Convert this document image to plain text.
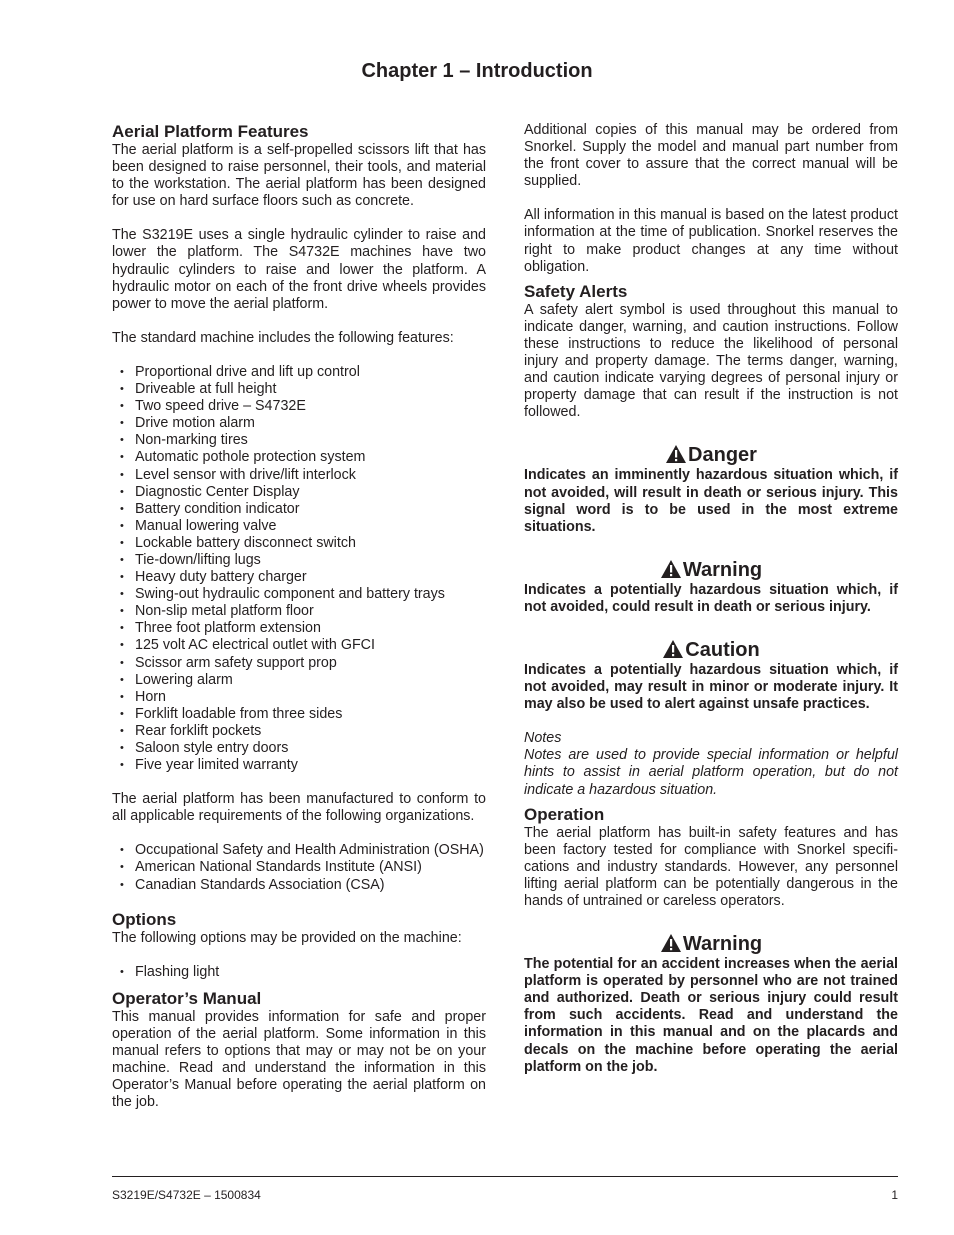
Chapter 1 – Introduction
Aerial Platform Features

The aerial platform is a self-propelled scissors lift that has been designed to raise personnel, their tools, and material to the workstation. The aerial platform has been designed for use on hard surface floors such as concrete.

The S3219E uses a single hydraulic cylinder to raise and lower the platform. The S4732E machines have two hydraulic cylinders to raise and lower the platform. A hydraulic motor on each of the front drive wheels provides power to move the aerial platform.

The standard machine includes the following features:

• Proportional drive and lift up control
• Driveable at full height
• Two speed drive – S4732E
• Drive motion alarm
• Non-marking tires
• Automatic pothole protection system
• Level sensor with drive/lift interlock
• Diagnostic Center Display
• Battery condition indicator
• Manual lowering valve
• Lockable battery disconnect switch
• Tie-down/lifting lugs
• Heavy duty battery charger
• Swing-out hydraulic component and battery trays
• Non-slip metal platform floor
• Three foot platform extension
• 125 volt AC electrical outlet with GFCI
• Scissor arm safety support prop
• Lowering alarm
• Horn
• Forklift loadable from three sides
• Rear forklift pockets
• Saloon style entry doors
• Five year limited warranty

The aerial platform has been manufactured to conform to all applicable requirements of the following organizations.

• Occupational Safety and Health Administration (OSHA)
• American National Standards Institute (ANSI)
• Canadian Standards Association (CSA)
Options

The following options may be provided on the machine:

• Flashing light
Operator’s Manual

This manual provides information for safe and proper operation of the aerial platform. Some information in this manual refers to options that may or may not be on your machine. Read and understand the information in this Operator’s Manual before operating the aerial platform on the job.

Additional copies of this manual may be ordered from Snorkel. Supply the model and manual part number from the front cover to assure that the correct manual will be supplied.

All information in this manual is based on the latest product information at the time of publication. Snorkel reserves the right to make product changes at any time without obligation.

Safety Alerts

A safety alert symbol is used throughout this manual to indicate danger, warning, and caution instructions. Follow these instructions to reduce the likelihood of personal injury and property damage. The terms danger, warning, and caution indicate varying degrees of personal injury or property damage that can result if the instruction is not followed.

Danger

Indicates an imminently hazardous situation which, if not avoided, will result in death or serious injury. This signal word is to be used in the most extreme situations.

Warning

Indicates a potentially hazardous situation which, if not avoided, could result in death or serious injury.

Caution

Indicates a potentially hazardous situation which, if not avoided, may result in minor or moderate injury. It may also be used to alert against unsafe practices.

Notes

Notes are used to provide special information or helpful hints to assist in aerial platform operation, but do not indicate a hazardous situation.

Operation

The aerial platform has built-in safety features and has been factory tested for compliance with Snorkel specifi-cations and industry standards. However, any personnel lifting aerial platform can be potentially dangerous in the hands of untrained or careless operators.

Warning

The potential for an accident increases when the aerial platform is operated by personnel who are not trained and authorized. Death or serious injury could result from such accidents. Read and understand the information in this manual and on the placards and decals on the machine before operating the aerial platform on the job.

S3219E/S4732E – 1500834	1
